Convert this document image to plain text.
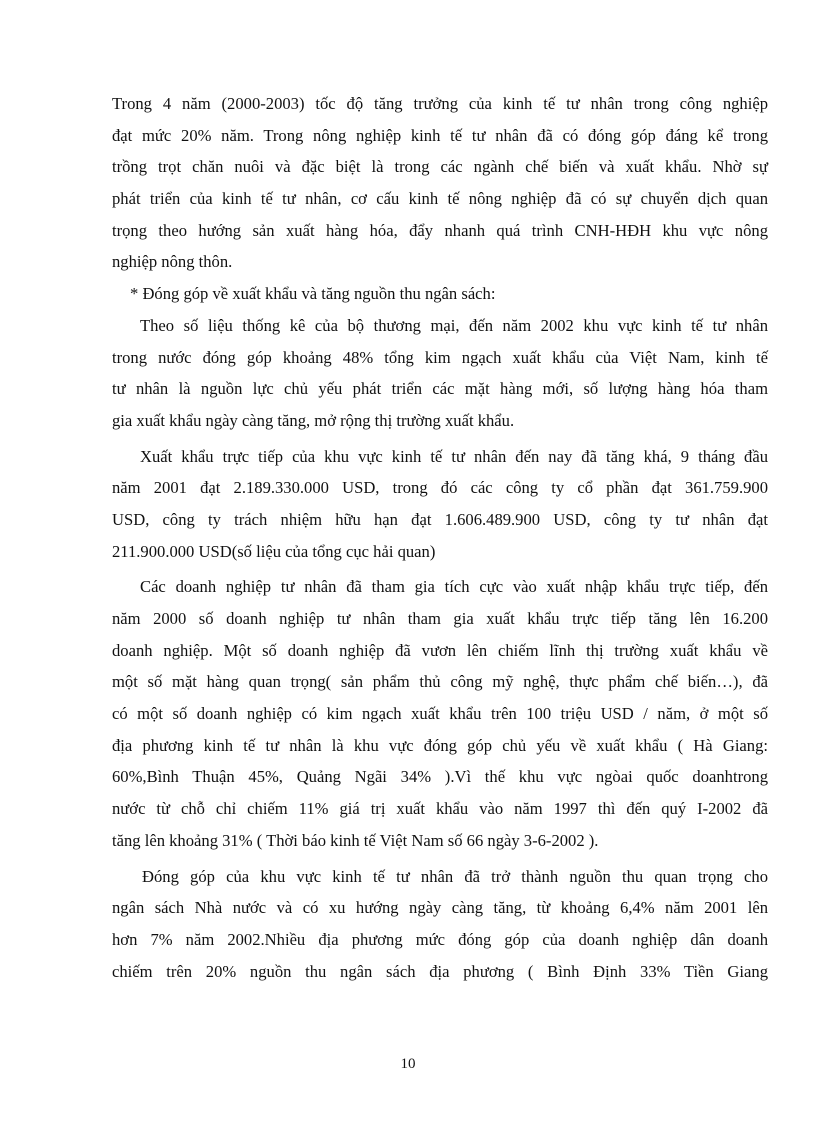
Trong 4 năm (2000-2003) tốc độ tăng trưởng của kinh tế tư nhân trong công nghiệp
đạt mức 20% năm. Trong nông nghiệp kinh tế tư nhân đã có đóng góp đáng kể trong
trồng trọt chăn nuôi và đặc biệt là trong các ngành chế biến và xuất khẩu. Nhờ sự
phát triển của kinh tế tư nhân, cơ cấu kinh tế nông nghiệp đã có sự chuyển dịch quan
trọng theo hướng sản xuất hàng hóa, đẩy nhanh quá trình CNH-HĐH khu vực nông
nghiệp nông thôn.
* Đóng góp về xuất khẩu và tăng nguồn thu ngân sách:
Theo số liệu thống kê của bộ thương mại, đến năm 2002 khu vực kinh tế tư nhân
trong nước đóng góp khoảng 48% tổng kim ngạch xuất khẩu của Việt Nam, kinh tế
tư nhân là nguồn lực chủ yếu phát triển các mặt hàng mới, số lượng hàng hóa tham
gia xuất khẩu ngày càng tăng, mở rộng thị trường xuất khẩu.
Xuất khẩu trực tiếp của khu vực kinh tế tư nhân đến nay đã tăng khá, 9 tháng đầu
năm 2001 đạt 2.189.330.000 USD, trong đó các công ty cổ phần đạt 361.759.900
USD, công ty trách nhiệm hữu hạn đạt 1.606.489.900 USD, công ty tư nhân đạt
211.900.000 USD(số liệu của tổng cục hải quan)
Các doanh nghiệp tư nhân đã tham gia tích cực vào xuất nhập khẩu trực tiếp, đến
năm 2000 số doanh nghiệp tư nhân tham gia xuất khẩu trực tiếp tăng lên 16.200
doanh nghiệp. Một số doanh nghiệp đã vươn lên chiếm lĩnh thị trường xuất khẩu về
một số mặt hàng quan trọng( sản phẩm thủ công mỹ nghệ, thực phẩm chế biến…), đã
có một số doanh nghiệp có kim ngạch xuất khẩu trên 100 triệu USD / năm, ở một số
địa phương kinh tế tư nhân là khu vực đóng góp chủ yếu về xuất khẩu ( Hà Giang:
60%,Bình Thuận 45%, Quảng Ngãi 34% ).Vì thế khu vực ngòai quốc doanhtrong
nước từ chỗ chỉ chiếm 11% giá trị xuất khẩu vào năm 1997 thì đến quý I-2002 đã
tăng lên khoảng 31% ( Thời báo kinh tế Việt Nam số 66 ngày 3-6-2002 ).
Đóng góp của khu vực kinh tế tư nhân đã trở thành nguồn thu quan trọng cho
ngân sách Nhà nước và có xu hướng ngày càng tăng, từ khoảng 6,4% năm 2001 lên
hơn 7% năm 2002.Nhiều địa phương mức đóng góp của doanh nghiệp dân doanh
chiếm trên 20% nguồn thu ngân sách địa phương ( Bình Định 33% Tiền Giang
10
